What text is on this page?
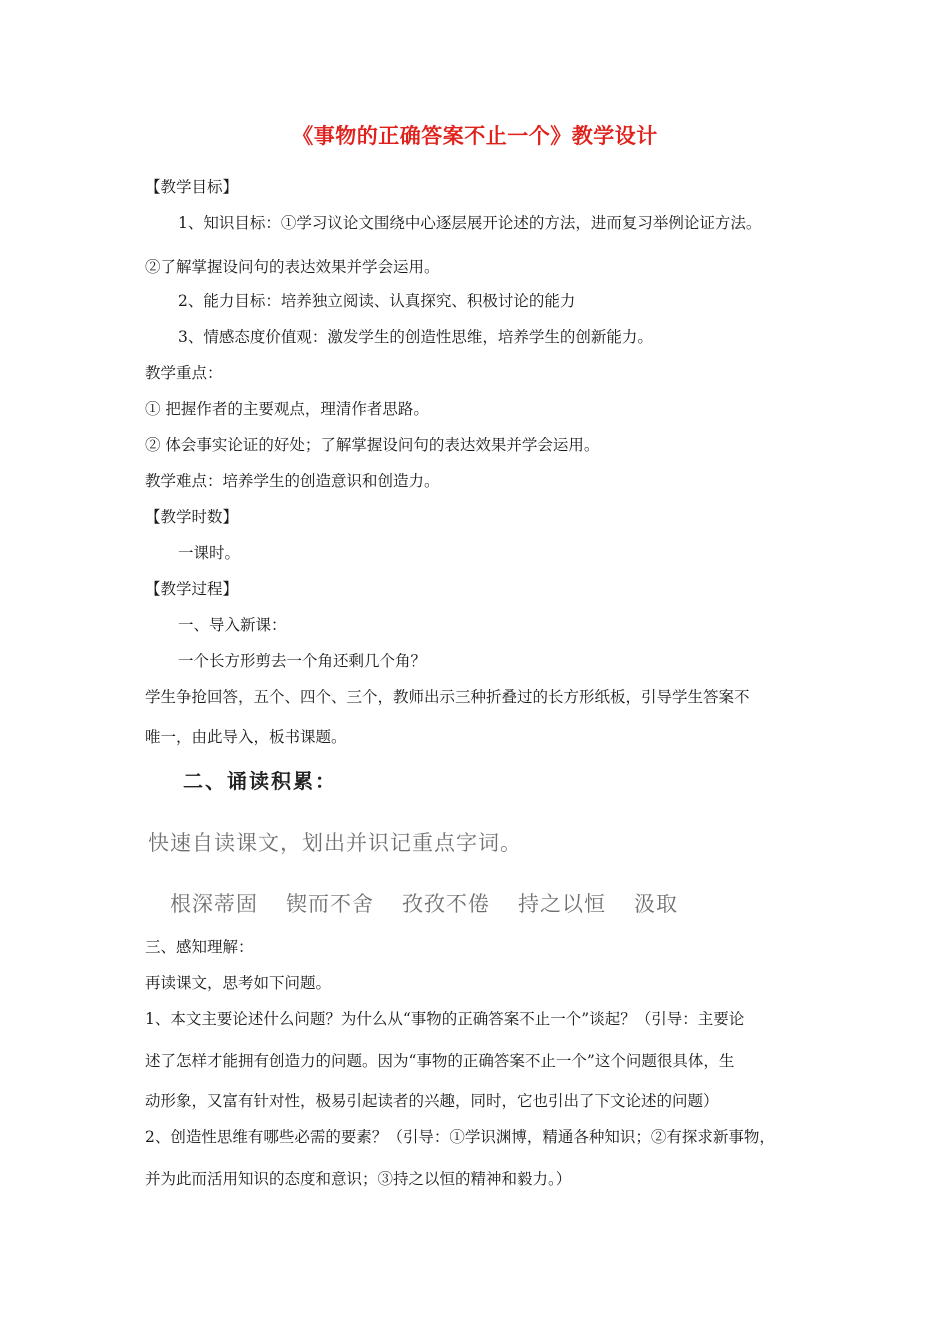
《事物的正确答案不止一个》教学设计
【教学目标】
1、知识目标：①学习议论文围绕中心逐层展开论述的方法，进而复习举例论证方法。
②了解掌握设问句的表达效果并学会运用。
2、能力目标：培养独立阅读、认真探究、积极讨论的能力
3、情感态度价值观：激发学生的创造性思维，培养学生的创新能力。
教学重点：
① 把握作者的主要观点，理清作者思路。
② 体会事实论证的好处；了解掌握设问句的表达效果并学会运用。
教学难点：培养学生的创造意识和创造力。
【教学时数】
一课时。
【教学过程】
一、导入新课：
一个长方形剪去一个角还剩几个角？
学生争抢回答，五个、四个、三个，教师出示三种折叠过的长方形纸板，引导学生答案不
唯一，由此导入，板书课题。
二、诵读积累：
快速自读课文，划出并识记重点字词。
根深蒂固 锲而不舍 孜孜不倦 持之以恒 汲取
三、感知理解：
再读课文，思考如下问题。
1、本文主要论述什么问题？为什么从“事物的正确答案不止一个”谈起？（引导：主要论
述了怎样才能拥有创造力的问题。因为“事物的正确答案不止一个”这个问题很具体，生
动形象，又富有针对性，极易引起读者的兴趣，同时，它也引出了下文论述的问题）
2、创造性思维有哪些必需的要素？（引导：①学识渊博，精通各种知识；②有探求新事物，
并为此而活用知识的态度和意识；③持之以恒的精神和毅力。）
